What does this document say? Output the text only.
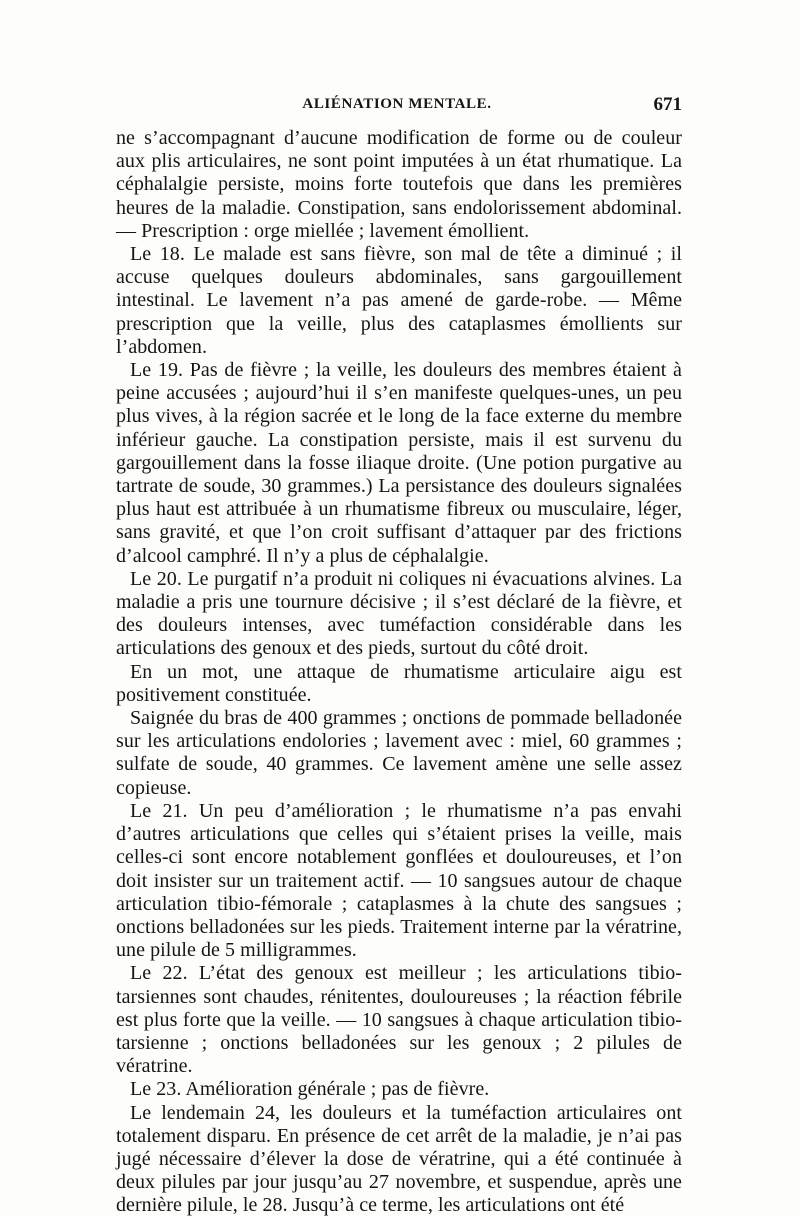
ALIÉNATION MENTALE.	671

ne s’accompagnant d’aucune modification de forme ou de couleur aux plis articulaires, ne sont point imputées à un état rhumatique. La céphalalgie persiste, moins forte toutefois que dans les premières heures de la maladie. Constipation, sans endolorissement abdominal. — Prescription : orge miellée ; lavement émollient.

Le 18. Le malade est sans fièvre, son mal de tête a diminué ; il accuse quelques douleurs abdominales, sans gargouillement intestinal. Le lavement n’a pas amené de garde-robe. — Même prescription que la veille, plus des cataplasmes émollients sur l’abdomen.

Le 19. Pas de fièvre ; la veille, les douleurs des membres étaient à peine accusées ; aujourd’hui il s’en manifeste quelques-unes, un peu plus vives, à la région sacrée et le long de la face externe du membre inférieur gauche. La constipation persiste, mais il est survenu du gargouillement dans la fosse iliaque droite. (Une potion purgative au tartrate de soude, 30 grammes.) La persistance des douleurs signalées plus haut est attribuée à un rhumatisme fibreux ou musculaire, léger, sans gravité, et que l’on croit suffisant d’attaquer par des frictions d’alcool camphré. Il n’y a plus de céphalalgie.

Le 20. Le purgatif n’a produit ni coliques ni évacuations alvines. La maladie a pris une tournure décisive ; il s’est déclaré de la fièvre, et des douleurs intenses, avec tuméfaction considérable dans les articulations des genoux et des pieds, surtout du côté droit.

En un mot, une attaque de rhumatisme articulaire aigu est positivement constituée.

Saignée du bras de 400 grammes ; onctions de pommade belladonée sur les articulations endolories ; lavement avec : miel, 60 grammes ; sulfate de soude, 40 grammes. Ce lavement amène une selle assez copieuse.

Le 21. Un peu d’amélioration ; le rhumatisme n’a pas envahi d’autres articulations que celles qui s’étaient prises la veille, mais celles-ci sont encore notablement gonflées et douloureuses, et l’on doit insister sur un traitement actif. — 10 sangsues autour de chaque articulation tibio-fémorale ; cataplasmes à la chute des sangsues ; onctions belladonées sur les pieds. Traitement interne par la vératrine, une pilule de 5 milligrammes.

Le 22. L’état des genoux est meilleur ; les articulations tibio-tarsiennes sont chaudes, rénitentes, douloureuses ; la réaction fébrile est plus forte que la veille. — 10 sangsues à chaque articulation tibio-tarsienne ; onctions belladonées sur les genoux ; 2 pilules de vératrine.

Le 23. Amélioration générale ; pas de fièvre.

Le lendemain 24, les douleurs et la tuméfaction articulaires ont totalement disparu. En présence de cet arrêt de la maladie, je n’ai pas jugé nécessaire d’élever la dose de vératrine, qui a été continuée à deux pilules par jour jusqu’au 27 novembre, et suspendue, après une dernière pilule, le 28. Jusqu’à ce terme, les articulations ont été
